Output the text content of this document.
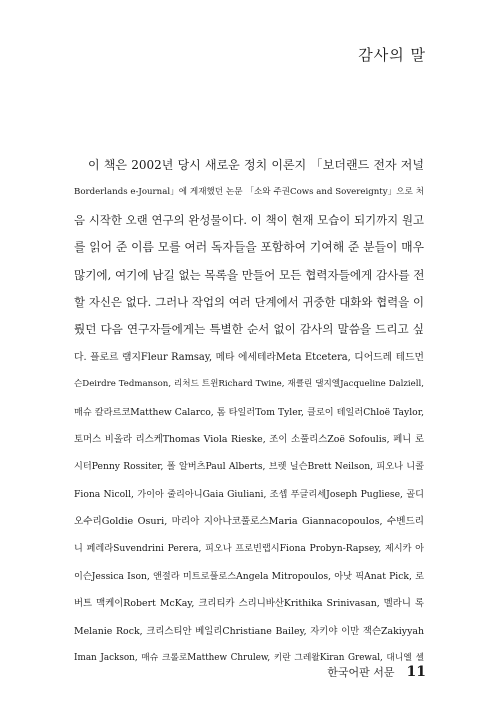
감사의 말
이 책은 2002년 당시 새로운 정치 이론지 「보더랜드 전자 저널
Borderlands e-Journal」에 게재했던 논문 「소와 주권Cows and Sovereignty」으로 처
음 시작한 오랜 연구의 완성물이다. 이 책이 현재 모습이 되기까지 원고
를 읽어 준 이름 모를 여러 독자들을 포함하여 기여해 준 분들이 매우
많기에, 여기에 남길 없는 목록을 만들어 모든 협력자들에게 감사를 전
할 자신은 없다. 그러나 작업의 여러 단계에서 귀중한 대화와 협력을 이
뤘던 다음 연구자들에게는 특별한 순서 없이 감사의 말씀을 드리고 싶
다. 플로르 램지Fleur Ramsay, 메타 에세테라Meta Etcetera, 디어드레 테드먼
슨Deirdre Tedmanson, 리처드 트윈Richard Twine, 재클린 댈지엘Jacqueline Dalziell,
매슈 칼라르코Matthew Calarco, 톰 타일러Tom Tyler, 클로이 테일러Chloë Taylor,
토머스 비올라 리스케Thomas Viola Rieske, 조이 소풀리스Zoë Sofoulis, 페니 로
시터Penny Rossiter, 폴 알버츠Paul Alberts, 브렛 닐슨Brett Neilson, 피오나 니콜
Fiona Nicoll, 가이아 줄리아니Gaia Giuliani, 조셉 푸글리세Joseph Pugliese, 골디
오수리Goldie Osuri, 마리아 지아나코풀로스Maria Giannacopoulos, 수벤드리
니 페레라Suvendrini Perera, 피오나 프로빈랩시Fiona Probyn-Rapsey, 제시카 아
이슨Jessica Ison, 앤절라 미트로풀로스Angela Mitropoulos, 아낫 픽Anat Pick, 로
버트 맥케이Robert McKay, 크리티카 스리니바산Krithika Srinivasan, 멜라니 록
Melanie Rock, 크리스티안 베일리Christiane Bailey, 자키야 이만 잭슨Zakiyyah
Iman Jackson, 매슈 크롤로Matthew Chrulew, 키란 그레왈Kiran Grewal, 대니엘 셀
한국어판 서문 11
